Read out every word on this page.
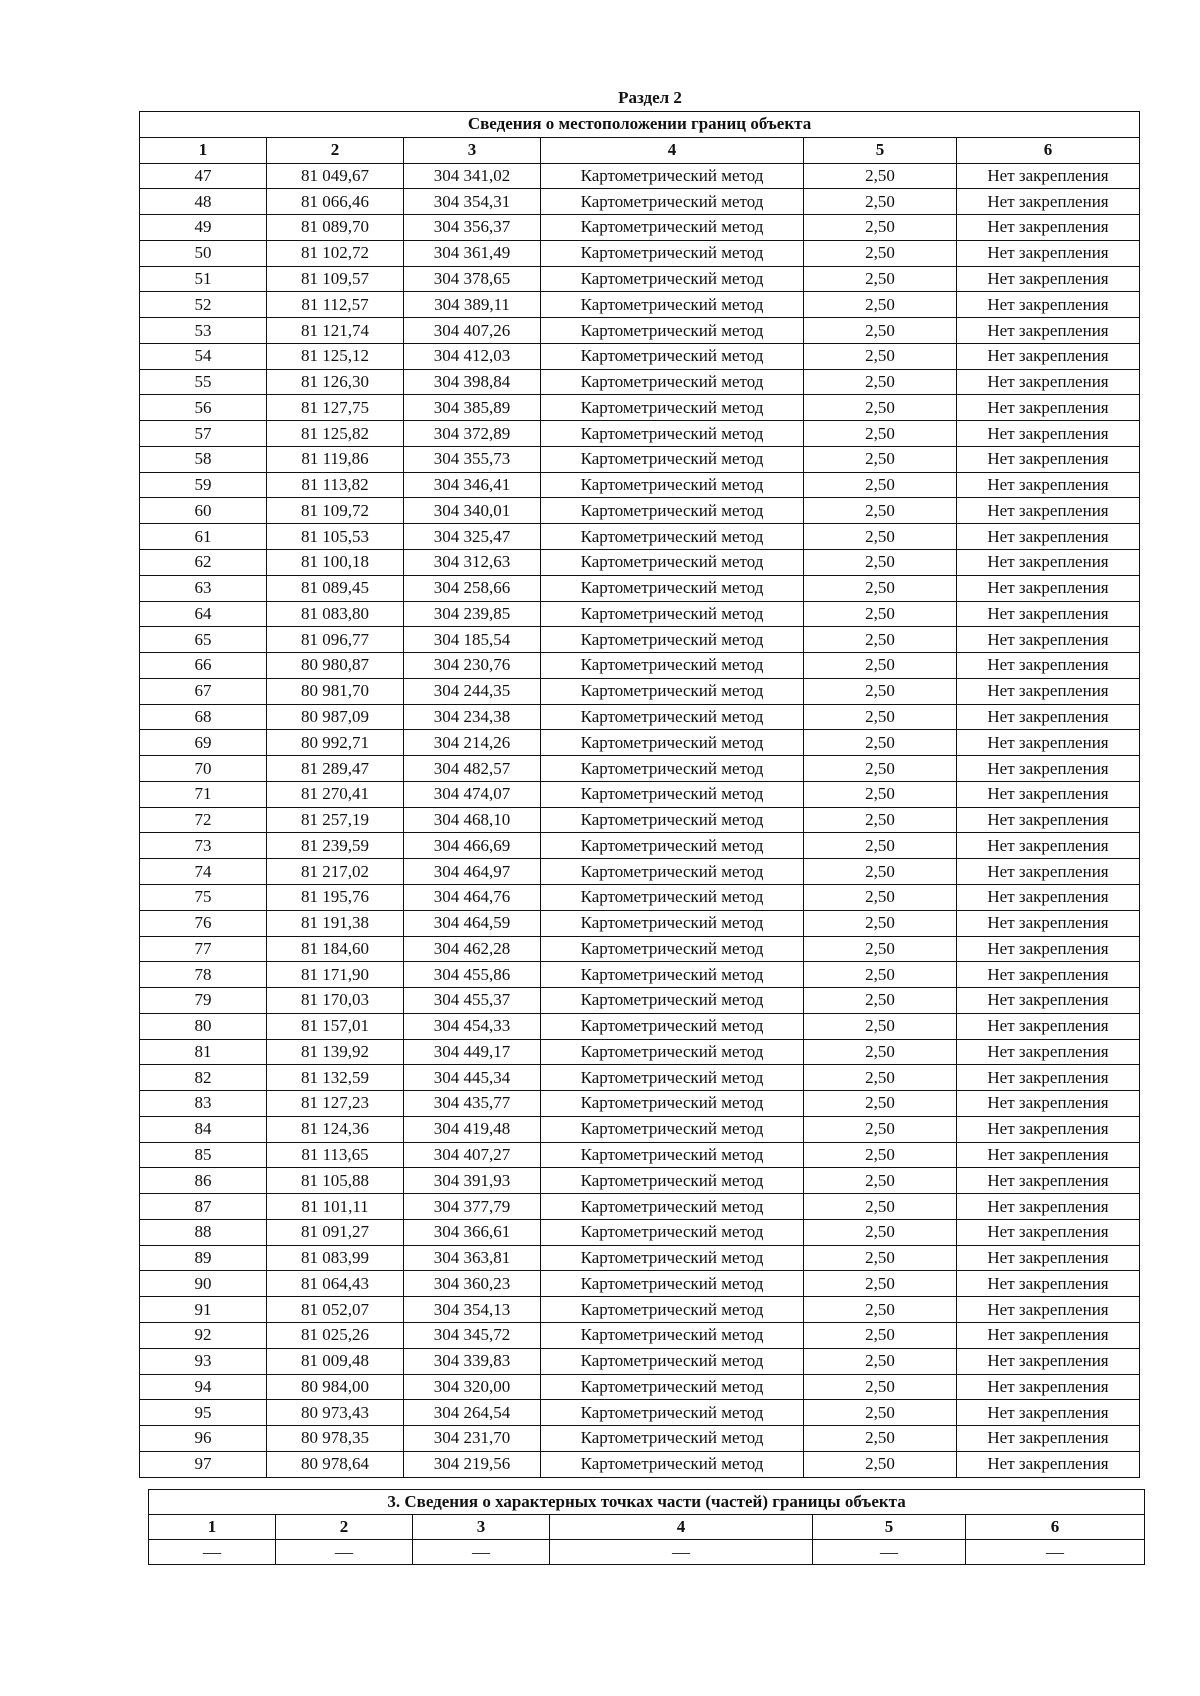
Раздел 2
Сведения о местоположении границ объекта					
1	2	3	4	5	6
47	81 049,67	304 341,02	Картометрический метод	2,50	Нет закрепления
48	81 066,46	304 354,31	Картометрический метод	2,50	Нет закрепления
49	81 089,70	304 356,37	Картометрический метод	2,50	Нет закрепления
50	81 102,72	304 361,49	Картометрический метод	2,50	Нет закрепления
51	81 109,57	304 378,65	Картометрический метод	2,50	Нет закрепления
52	81 112,57	304 389,11	Картометрический метод	2,50	Нет закрепления
53	81 121,74	304 407,26	Картометрический метод	2,50	Нет закрепления
54	81 125,12	304 412,03	Картометрический метод	2,50	Нет закрепления
55	81 126,30	304 398,84	Картометрический метод	2,50	Нет закрепления
56	81 127,75	304 385,89	Картометрический метод	2,50	Нет закрепления
57	81 125,82	304 372,89	Картометрический метод	2,50	Нет закрепления
58	81 119,86	304 355,73	Картометрический метод	2,50	Нет закрепления
59	81 113,82	304 346,41	Картометрический метод	2,50	Нет закрепления
60	81 109,72	304 340,01	Картометрический метод	2,50	Нет закрепления
61	81 105,53	304 325,47	Картометрический метод	2,50	Нет закрепления
62	81 100,18	304 312,63	Картометрический метод	2,50	Нет закрепления
63	81 089,45	304 258,66	Картометрический метод	2,50	Нет закрепления
64	81 083,80	304 239,85	Картометрический метод	2,50	Нет закрепления
65	81 096,77	304 185,54	Картометрический метод	2,50	Нет закрепления
66	80 980,87	304 230,76	Картометрический метод	2,50	Нет закрепления
67	80 981,70	304 244,35	Картометрический метод	2,50	Нет закрепления
68	80 987,09	304 234,38	Картометрический метод	2,50	Нет закрепления
69	80 992,71	304 214,26	Картометрический метод	2,50	Нет закрепления
70	81 289,47	304 482,57	Картометрический метод	2,50	Нет закрепления
71	81 270,41	304 474,07	Картометрический метод	2,50	Нет закрепления
72	81 257,19	304 468,10	Картометрический метод	2,50	Нет закрепления
73	81 239,59	304 466,69	Картометрический метод	2,50	Нет закрепления
74	81 217,02	304 464,97	Картометрический метод	2,50	Нет закрепления
75	81 195,76	304 464,76	Картометрический метод	2,50	Нет закрепления
76	81 191,38	304 464,59	Картометрический метод	2,50	Нет закрепления
77	81 184,60	304 462,28	Картометрический метод	2,50	Нет закрепления
78	81 171,90	304 455,86	Картометрический метод	2,50	Нет закрепления
79	81 170,03	304 455,37	Картометрический метод	2,50	Нет закрепления
80	81 157,01	304 454,33	Картометрический метод	2,50	Нет закрепления
81	81 139,92	304 449,17	Картометрический метод	2,50	Нет закрепления
82	81 132,59	304 445,34	Картометрический метод	2,50	Нет закрепления
83	81 127,23	304 435,77	Картометрический метод	2,50	Нет закрепления
84	81 124,36	304 419,48	Картометрический метод	2,50	Нет закрепления
85	81 113,65	304 407,27	Картометрический метод	2,50	Нет закрепления
86	81 105,88	304 391,93	Картометрический метод	2,50	Нет закрепления
87	81 101,11	304 377,79	Картометрический метод	2,50	Нет закрепления
88	81 091,27	304 366,61	Картометрический метод	2,50	Нет закрепления
89	81 083,99	304 363,81	Картометрический метод	2,50	Нет закрепления
90	81 064,43	304 360,23	Картометрический метод	2,50	Нет закрепления
91	81 052,07	304 354,13	Картометрический метод	2,50	Нет закрепления
92	81 025,26	304 345,72	Картометрический метод	2,50	Нет закрепления
93	81 009,48	304 339,83	Картометрический метод	2,50	Нет закрепления
94	80 984,00	304 320,00	Картометрический метод	2,50	Нет закрепления
95	80 973,43	304 264,54	Картометрический метод	2,50	Нет закрепления
96	80 978,35	304 231,70	Картометрический метод	2,50	Нет закрепления
97	80 978,64	304 219,56	Картометрический метод	2,50	Нет закрепления
3. Сведения о характерных точках части (частей) границы объекта					
1	2	3	4	5	6
—	—	—	—	—	—
